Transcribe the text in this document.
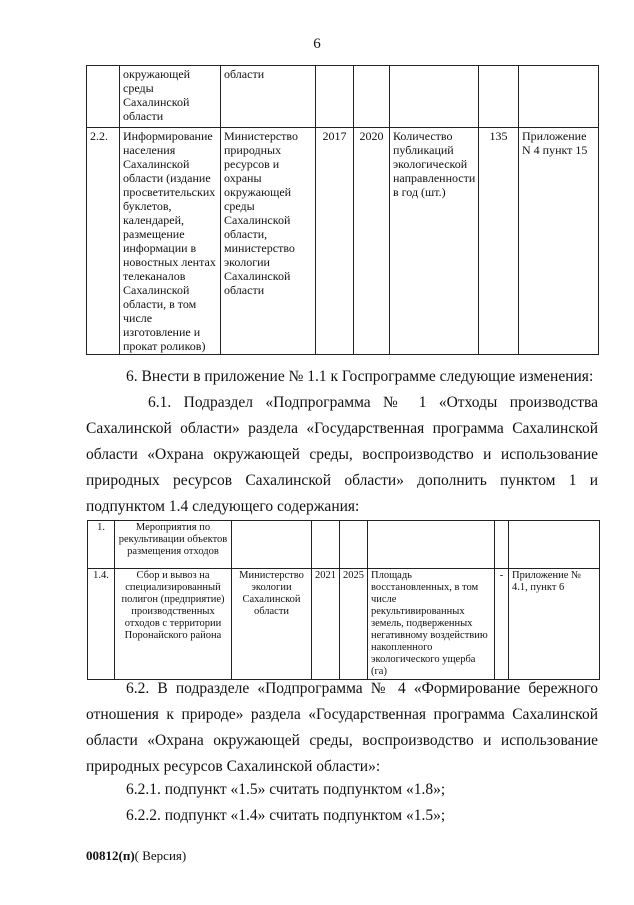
6
	окружающей среды Сахалинской области	области					
2.2.	Информирование населения Сахалинской области (издание просветительских буклетов, календарей, размещение информации в новостных лентах телеканалов Сахалинской области, в том числе изготовление и прокат роликов)	Министерство природных ресурсов и охраны окружающей среды Сахалинской области, министерство экологии Сахалинской области	2017	2020	Количество публикаций экологической направленности в год (шт.)	135	Приложение N 4 пункт 15
6. Внести в приложение № 1.1 к Госпрограмме следующие изменения:
6.1. Подраздел «Подпрограмма № 1 «Отходы производства Сахалинской области» раздела «Государственная программа Сахалинской области «Охрана окружающей среды, воспроизводство и использование природных ресурсов Сахалинской области» дополнить пунктом 1 и подпунктом 1.4 следующего содержания:
1.	Мероприятия по рекультивации объектов размещения отходов						
1.4.	Сбор и вывоз на специализированный полигон (предприятие) производственных отходов с территории Поронайского района	Министерство экологии Сахалинской области	2021	2025	Площадь восстановленных, в том числе рекультивированных земель, подверженных негативному воздействию накопленного экологического ущерба (га)	-	Приложение № 4.1, пункт 6
6.2. В подразделе «Подпрограмма № 4 «Формирование бережного отношения к природе» раздела «Государственная программа Сахалинской области «Охрана окружающей среды, воспроизводство и использование природных ресурсов Сахалинской области»:
6.2.1. подпункт «1.5» считать подпунктом «1.8»;
6.2.2. подпункт «1.4» считать подпунктом «1.5»;
00812(п)( Версия)
